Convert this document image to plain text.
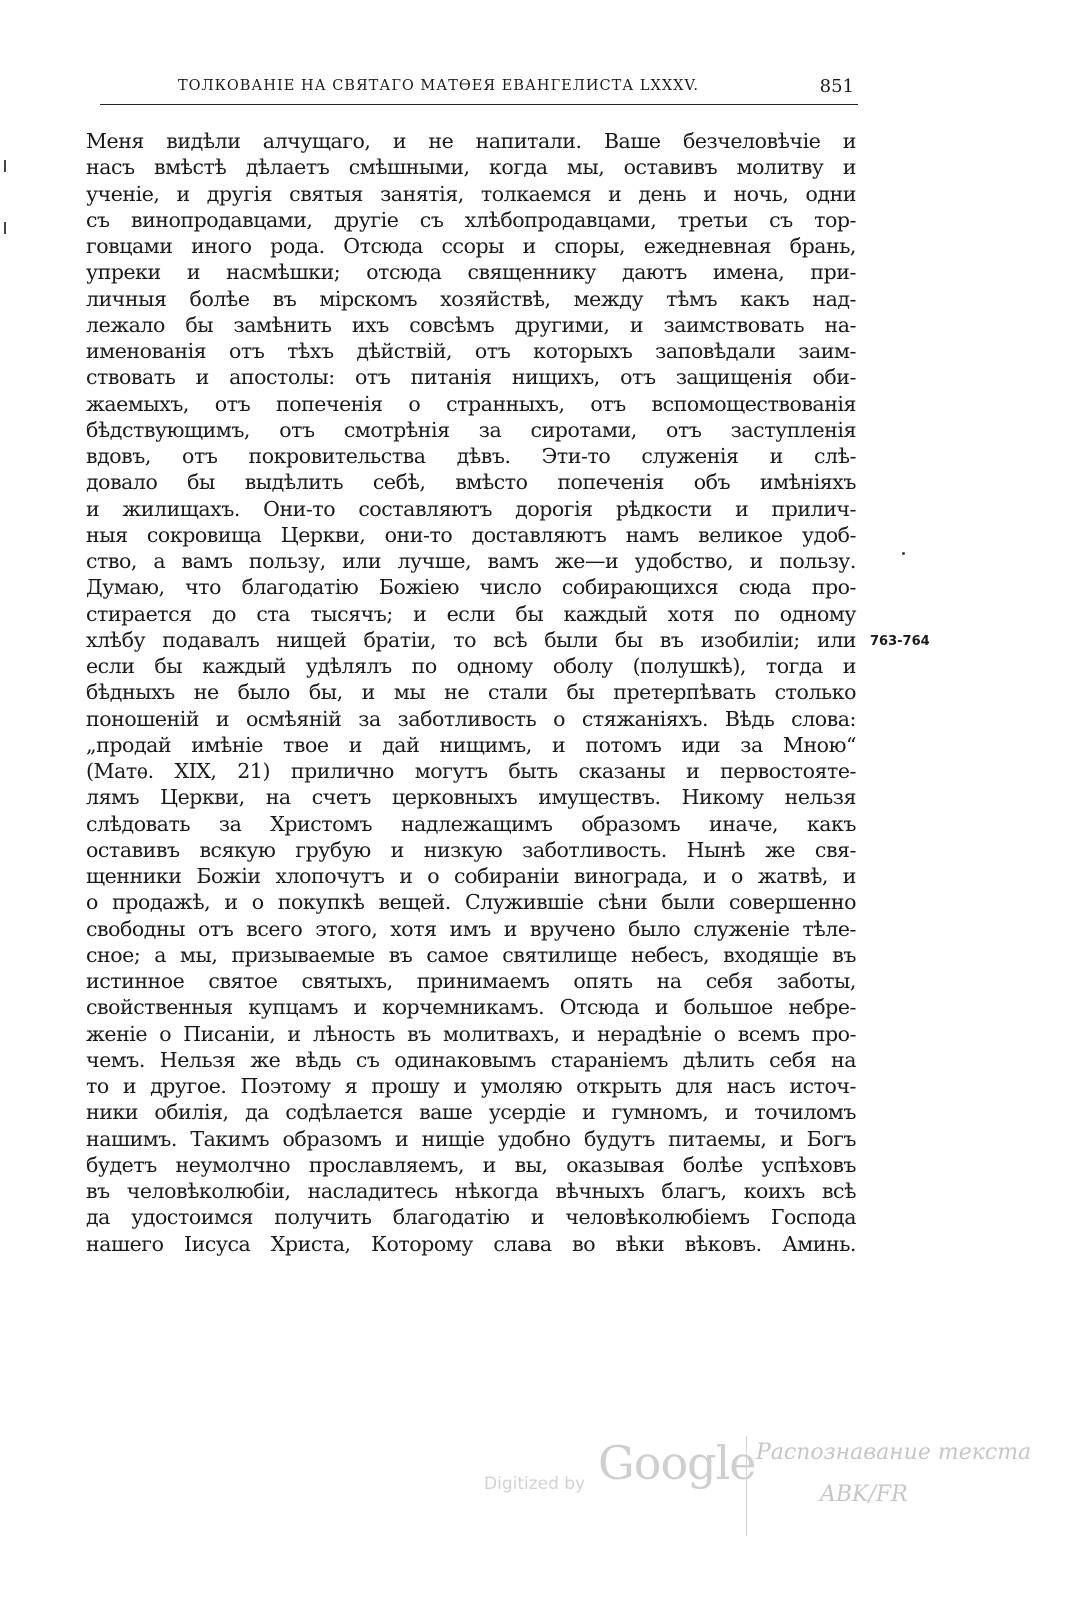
ТОЛКОВАНІЕ НА СВЯТАГО МАТѲЕЯ ЕВАНГЕЛИСТА LXXXV.	851
Меня видѣли алчущаго, и не напитали. Ваше безчеловѣчіе и
насъ вмѣстѣ дѣлаетъ смѣшными, когда мы, оставивъ молитву и
ученіе, и другія святыя занятія, толкаемся и день и ночь, одни
съ винопродавцами, другіе съ хлѣбопродавцами, третьи съ тор-
говцами иного рода. Отсюда ссоры и споры, ежедневная брань,
упреки и насмѣшки; отсюда священнику даютъ имена, при-
личныя болѣе въ мірскомъ хозяйствѣ, между тѣмъ какъ над-
лежало бы замѣнить ихъ совсѣмъ другими, и заимствовать на-
именованія отъ тѣхъ дѣйствій, отъ которыхъ заповѣдали заим-
ствовать и апостолы: отъ питанія нищихъ, отъ защищенія оби-
жаемыхъ, отъ попеченія о странныхъ, отъ вспомоществованія
бѣдствующимъ, отъ смотрѣнія за сиротами, отъ заступленія
вдовъ, отъ покровительства дѣвъ. Эти-то служенія и слѣ-
довало бы выдѣлить себѣ, вмѣсто попеченія объ имѣніяхъ
и жилищахъ. Они-то составляютъ дорогія рѣдкости и прилич-
ныя сокровища Церкви, они-то доставляютъ намъ великое удоб-
ство, а вамъ пользу, или лучше, вамъ же—и удобство, и пользу.
Думаю, что благодатію Божіею число собирающихся сюда про-
стирается до ста тысячъ; и если бы каждый хотя по одному
хлѣбу подавалъ нищей братіи, то всѣ были бы въ изобиліи; или
если бы каждый удѣлялъ по одному оболу (полушкѣ), тогда и
бѣдныхъ не было бы, и мы не стали бы претерпѣвать столько
поношеній и осмѣяній за заботливость о стяжаніяхъ. Вѣдь слова:
„продай имѣніе твое и дай нищимъ, и потомъ иди за Мною“
(Матѳ. XIX, 21) прилично могутъ быть сказаны и первостояте-
лямъ Церкви, на счетъ церковныхъ имуществъ. Никому нельзя
слѣдовать за Христомъ надлежащимъ образомъ иначе, какъ
оставивъ всякую грубую и низкую заботливость. Нынѣ же свя-
щенники Божіи хлопочутъ и о собираніи винограда, и о жатвѣ, и
о продажѣ, и о покупкѣ вещей. Служившіе сѣни были совершенно
свободны отъ всего этого, хотя имъ и вручено было служеніе тѣле-
сное; а мы, призываемые въ самое святилище небесъ, входящіе въ
истинное святое святыхъ, принимаемъ опять на себя заботы,
свойственныя купцамъ и корчемникамъ. Отсюда и большое небре-
женіе о Писаніи, и лѣность въ молитвахъ, и нерадѣніе о всемъ про-
чемъ. Нельзя же вѣдь съ одинаковымъ стараніемъ дѣлить себя на
то и другое. Поэтому я прошу и умоляю открыть для насъ источ-
ники обилія, да содѣлается ваше усердіе и гумномъ, и точиломъ
нашимъ. Такимъ образомъ и нищіе удобно будутъ питаемы, и Богъ
будетъ неумолчно прославляемъ, и вы, оказывая болѣе успѣховъ
въ человѣколюбіи, насладитесь нѣкогда вѣчныхъ благъ, коихъ всѣ
да удостоимся получить благодатію и человѣколюбіемъ Господа
нашего Іисуса Христа, Которому слава во вѣки вѣковъ. Аминь.
763-764
Digitized by Google Распознавание текста
ABK/FR
